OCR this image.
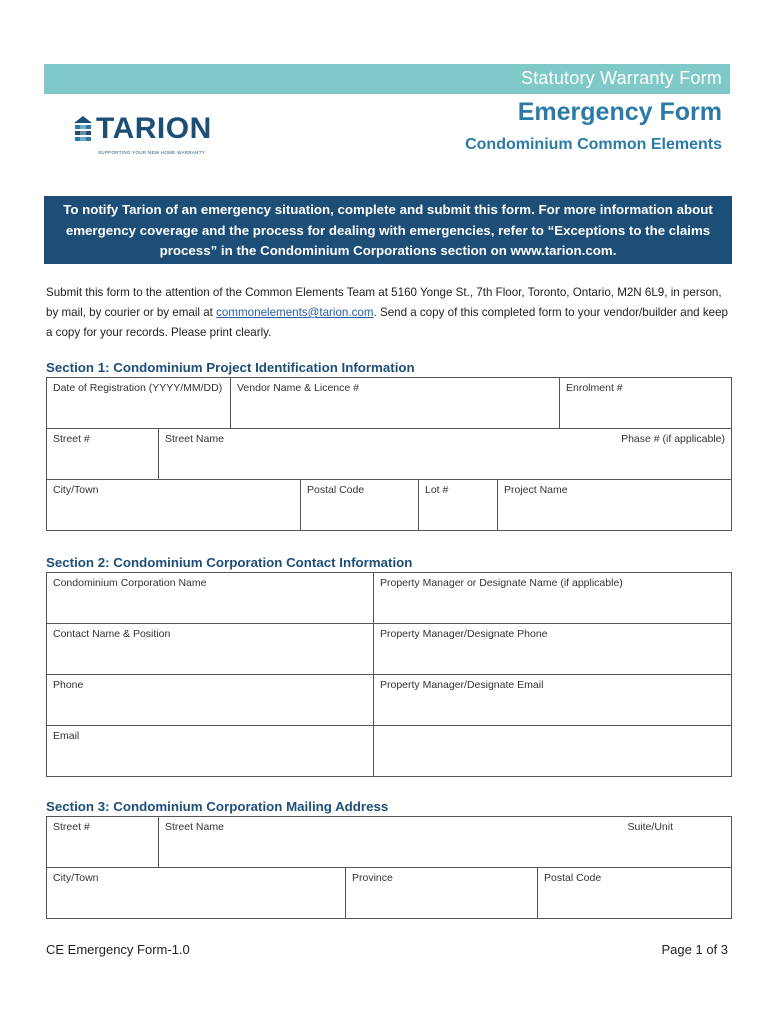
Statutory Warranty Form
TARION
SUPPORTING YOUR NEW HOME WARRANTY
Emergency Form
Condominium Common Elements
To notify Tarion of an emergency situation, complete and submit this form. For more information about emergency coverage and the process for dealing with emergencies, refer to “Exceptions to the claims process” in the Condominium Corporations section on www.tarion.com.
Submit this form to the attention of the Common Elements Team at 5160 Yonge St., 7th Floor, Toronto, Ontario, M2N 6L9, in person, by mail, by courier or by email at commonelements@tarion.com. Send a copy of this completed form to your vendor/builder and keep a copy for your records. Please print clearly.
Section 1: Condominium Project Identification Information
Date of Registration (YYYY/MM/DD)	Vendor Name & Licence #	Enrolment #
Street #	Street Name	Phase # (if applicable)
City/Town	Postal Code	Lot #	Project Name
Section 2: Condominium Corporation Contact Information
Condominium Corporation Name	Property Manager or Designate Name (if applicable)
Contact Name & Position	Property Manager/Designate Phone
Phone	Property Manager/Designate Email
Email
Section 3: Condominium Corporation Mailing Address
Street #	Street Name	Suite/Unit
City/Town	Province	Postal Code
CE Emergency Form-1.0	Page 1 of 3
